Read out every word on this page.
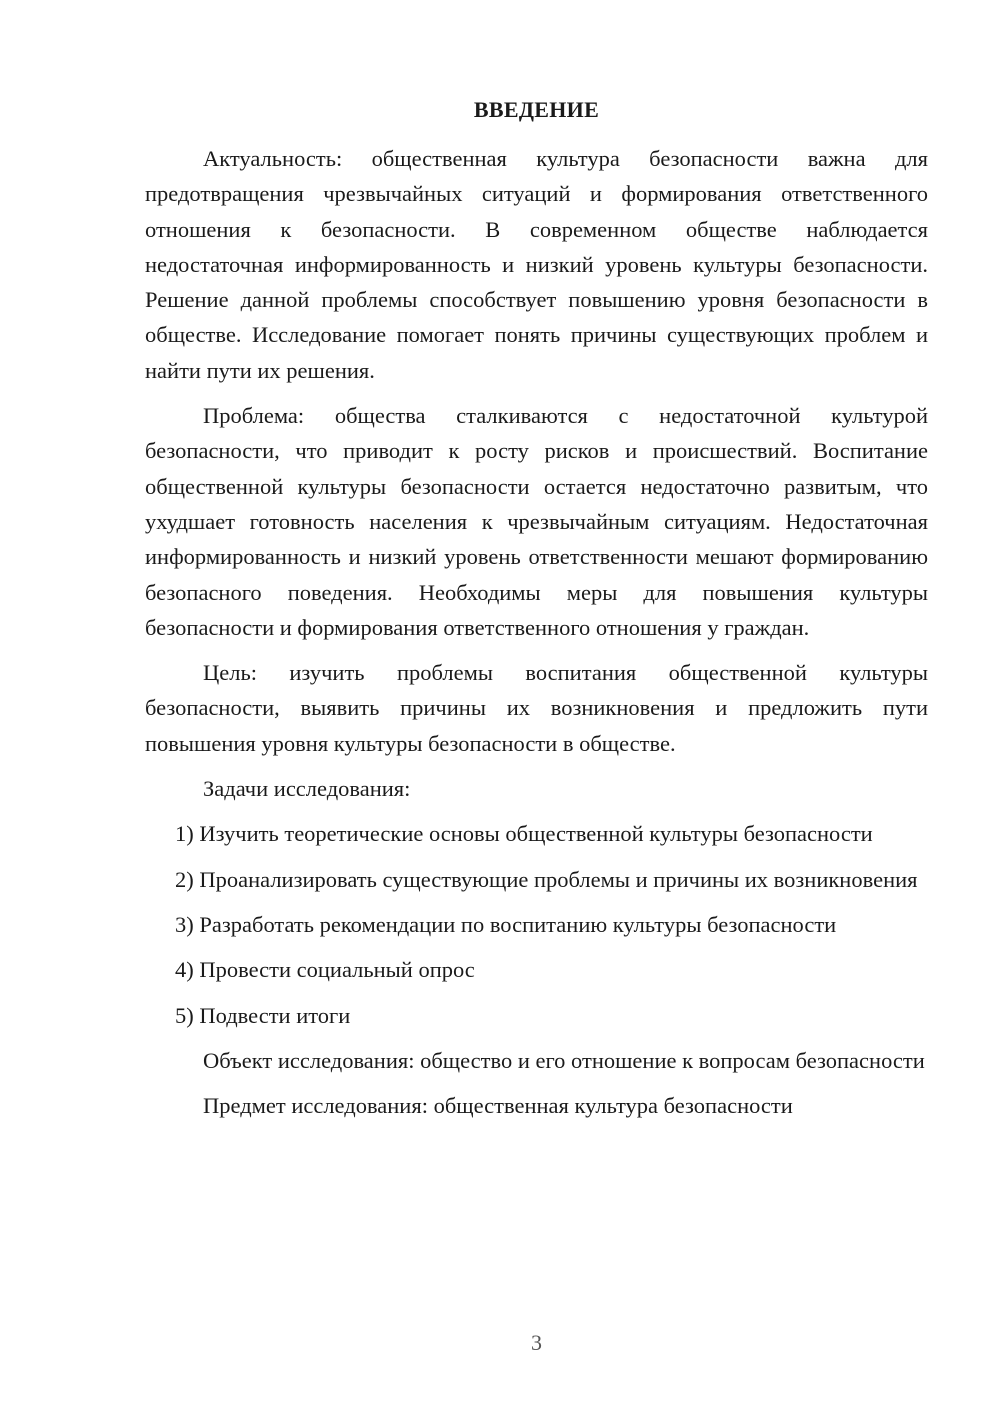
ВВЕДЕНИЕ

Актуальность: общественная культура безопасности важна для предотвращения чрезвычайных ситуаций и формирования ответственного отношения к безопасности. В современном обществе наблюдается недостаточная информированность и низкий уровень культуры безопасности. Решение данной проблемы способствует повышению уровня безопасности в обществе. Исследование помогает понять причины существующих проблем и найти пути их решения.

Проблема: общества сталкиваются с недостаточной культурой безопасности, что приводит к росту рисков и происшествий. Воспитание общественной культуры безопасности остается недостаточно развитым, что ухудшает готовность населения к чрезвычайным ситуациям. Недостаточная информированность и низкий уровень ответственности мешают формированию безопасного поведения. Необходимы меры для повышения культуры безопасности и формирования ответственного отношения у граждан.

Цель: изучить проблемы воспитания общественной культуры безопасности, выявить причины их возникновения и предложить пути повышения уровня культуры безопасности в обществе.

Задачи исследования:

1) Изучить теоретические основы общественной культуры безопасности

2) Проанализировать существующие проблемы и причины их возникновения

3) Разработать рекомендации по воспитанию культуры безопасности

4) Провести социальный опрос

5) Подвести итоги

Объект исследования: общество и его отношение к вопросам безопасности

Предмет исследования: общественная культура безопасности

3
